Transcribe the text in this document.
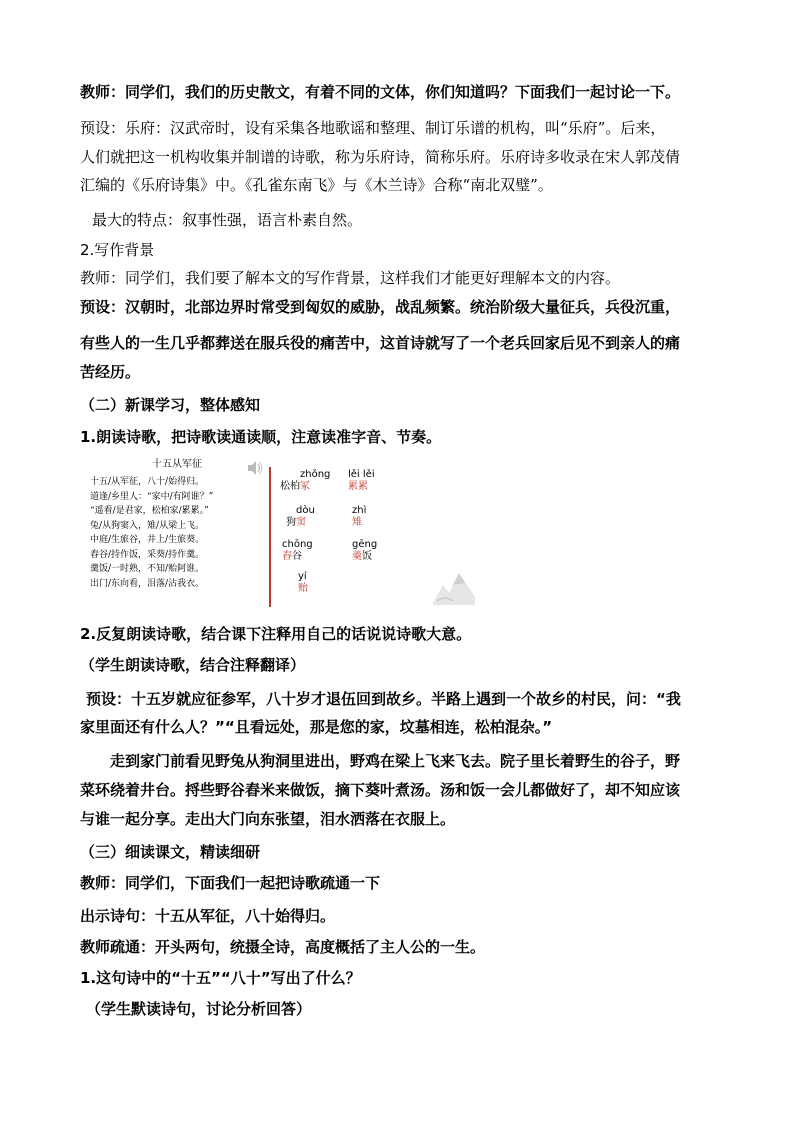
教师：同学们，我们的历史散文，有着不同的文体，你们知道吗？下面我们一起讨论一下。
预设：乐府：汉武帝时，设有采集各地歌谣和整理、制订乐谱的机构，叫“乐府”。后来，
人们就把这一机构收集并制谱的诗歌，称为乐府诗，简称乐府。乐府诗多收录在宋人郭茂倩
汇编的《乐府诗集》中。《孔雀东南飞》与《木兰诗》合称“南北双璧”。
最大的特点：叙事性强，语言朴素自然。
2.写作背景
教师：同学们，我们要了解本文的写作背景，这样我们才能更好理解本文的内容。
预设：汉朝时，北部边界时常受到匈奴的威胁，战乱频繁。统治阶级大量征兵，兵役沉重，
有些人的一生几乎都葬送在服兵役的痛苦中，这首诗就写了一个老兵回家后见不到亲人的痛
苦经历。
（二）新课学习，整体感知
1.朗读诗歌，把诗歌读通读顺，注意读准字音、节奏。
十五从军征
十五/从军征，八十/始得归。
道逢/乡里人：“家中/有阿谁？”
“遥看/是君家，松柏家/累累。”
兔/从狗窦入，雉/从梁上飞。
中庭/生旅谷，井上/生旅葵。
舂谷/持作饭，采葵/持作羹。
羹饭/一时熟，不知/贻阿谁。
出门/东向看，泪落/沾我衣。
zhǒng
松柏冢
lěi lěi
累累
dòu
狗窦
zhì
雉
chōng
舂谷
gēng
羹饭
yí
贻
2.反复朗读诗歌，结合课下注释用自己的话说说诗歌大意。
（学生朗读诗歌，结合注释翻译）
预设：十五岁就应征参军，八十岁才退伍回到故乡。半路上遇到一个故乡的村民，问：“我
家里面还有什么人？”“且看远处，那是您的家，坟墓相连，松柏混杂。”
走到家门前看见野兔从狗洞里进出，野鸡在梁上飞来飞去。院子里长着野生的谷子，野
菜环绕着井台。捋些野谷舂米来做饭，摘下葵叶煮汤。汤和饭一会儿都做好了，却不知应该
与谁一起分享。走出大门向东张望，泪水洒落在衣服上。
（三）细读课文，精读细研
教师：同学们，下面我们一起把诗歌疏通一下
出示诗句：十五从军征，八十始得归。
教师疏通：开头两句，统摄全诗，高度概括了主人公的一生。
1.这句诗中的“十五”“八十”写出了什么？
（学生默读诗句，讨论分析回答）
